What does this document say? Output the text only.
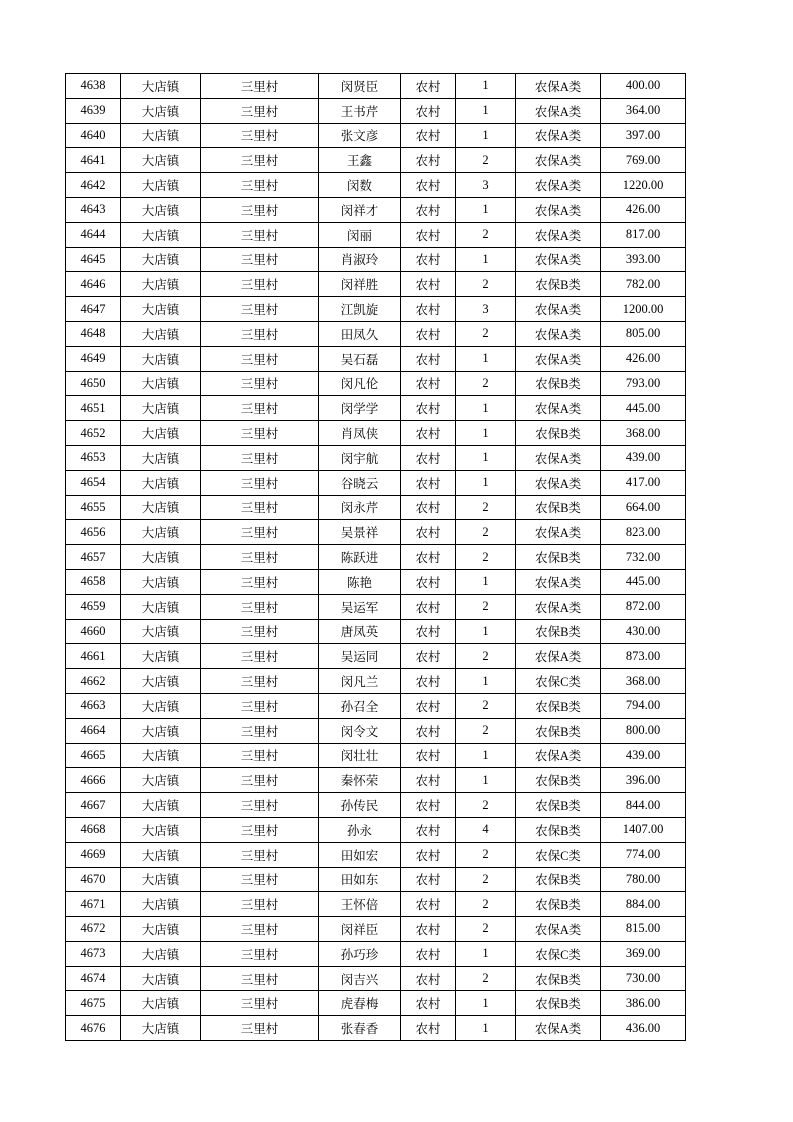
4638	大店镇	三里村	闵贤臣	农村	1	农保A类	400.00
4639	大店镇	三里村	王书芹	农村	1	农保A类	364.00
4640	大店镇	三里村	张文彦	农村	1	农保A类	397.00
4641	大店镇	三里村	王鑫	农村	2	农保A类	769.00
4642	大店镇	三里村	闵数	农村	3	农保A类	1220.00
4643	大店镇	三里村	闵祥才	农村	1	农保A类	426.00
4644	大店镇	三里村	闵丽	农村	2	农保A类	817.00
4645	大店镇	三里村	肖淑玲	农村	1	农保A类	393.00
4646	大店镇	三里村	闵祥胜	农村	2	农保B类	782.00
4647	大店镇	三里村	江凯旋	农村	3	农保A类	1200.00
4648	大店镇	三里村	田凤久	农村	2	农保A类	805.00
4649	大店镇	三里村	吴石磊	农村	1	农保A类	426.00
4650	大店镇	三里村	闵凡伦	农村	2	农保B类	793.00
4651	大店镇	三里村	闵学学	农村	1	农保A类	445.00
4652	大店镇	三里村	肖凤侠	农村	1	农保B类	368.00
4653	大店镇	三里村	闵宇航	农村	1	农保A类	439.00
4654	大店镇	三里村	谷晓云	农村	1	农保A类	417.00
4655	大店镇	三里村	闵永芹	农村	2	农保B类	664.00
4656	大店镇	三里村	吴景祥	农村	2	农保A类	823.00
4657	大店镇	三里村	陈跃进	农村	2	农保B类	732.00
4658	大店镇	三里村	陈艳	农村	1	农保A类	445.00
4659	大店镇	三里村	吴运军	农村	2	农保A类	872.00
4660	大店镇	三里村	唐凤英	农村	1	农保B类	430.00
4661	大店镇	三里村	吴运同	农村	2	农保A类	873.00
4662	大店镇	三里村	闵凡兰	农村	1	农保C类	368.00
4663	大店镇	三里村	孙召全	农村	2	农保B类	794.00
4664	大店镇	三里村	闵令文	农村	2	农保B类	800.00
4665	大店镇	三里村	闵壮壮	农村	1	农保A类	439.00
4666	大店镇	三里村	秦怀荣	农村	1	农保B类	396.00
4667	大店镇	三里村	孙传民	农村	2	农保B类	844.00
4668	大店镇	三里村	孙永	农村	4	农保B类	1407.00
4669	大店镇	三里村	田如宏	农村	2	农保C类	774.00
4670	大店镇	三里村	田如东	农村	2	农保B类	780.00
4671	大店镇	三里村	王怀倍	农村	2	农保B类	884.00
4672	大店镇	三里村	闵祥臣	农村	2	农保A类	815.00
4673	大店镇	三里村	孙巧珍	农村	1	农保C类	369.00
4674	大店镇	三里村	闵吉兴	农村	2	农保B类	730.00
4675	大店镇	三里村	虎春梅	农村	1	农保B类	386.00
4676	大店镇	三里村	张春香	农村	1	农保A类	436.00
